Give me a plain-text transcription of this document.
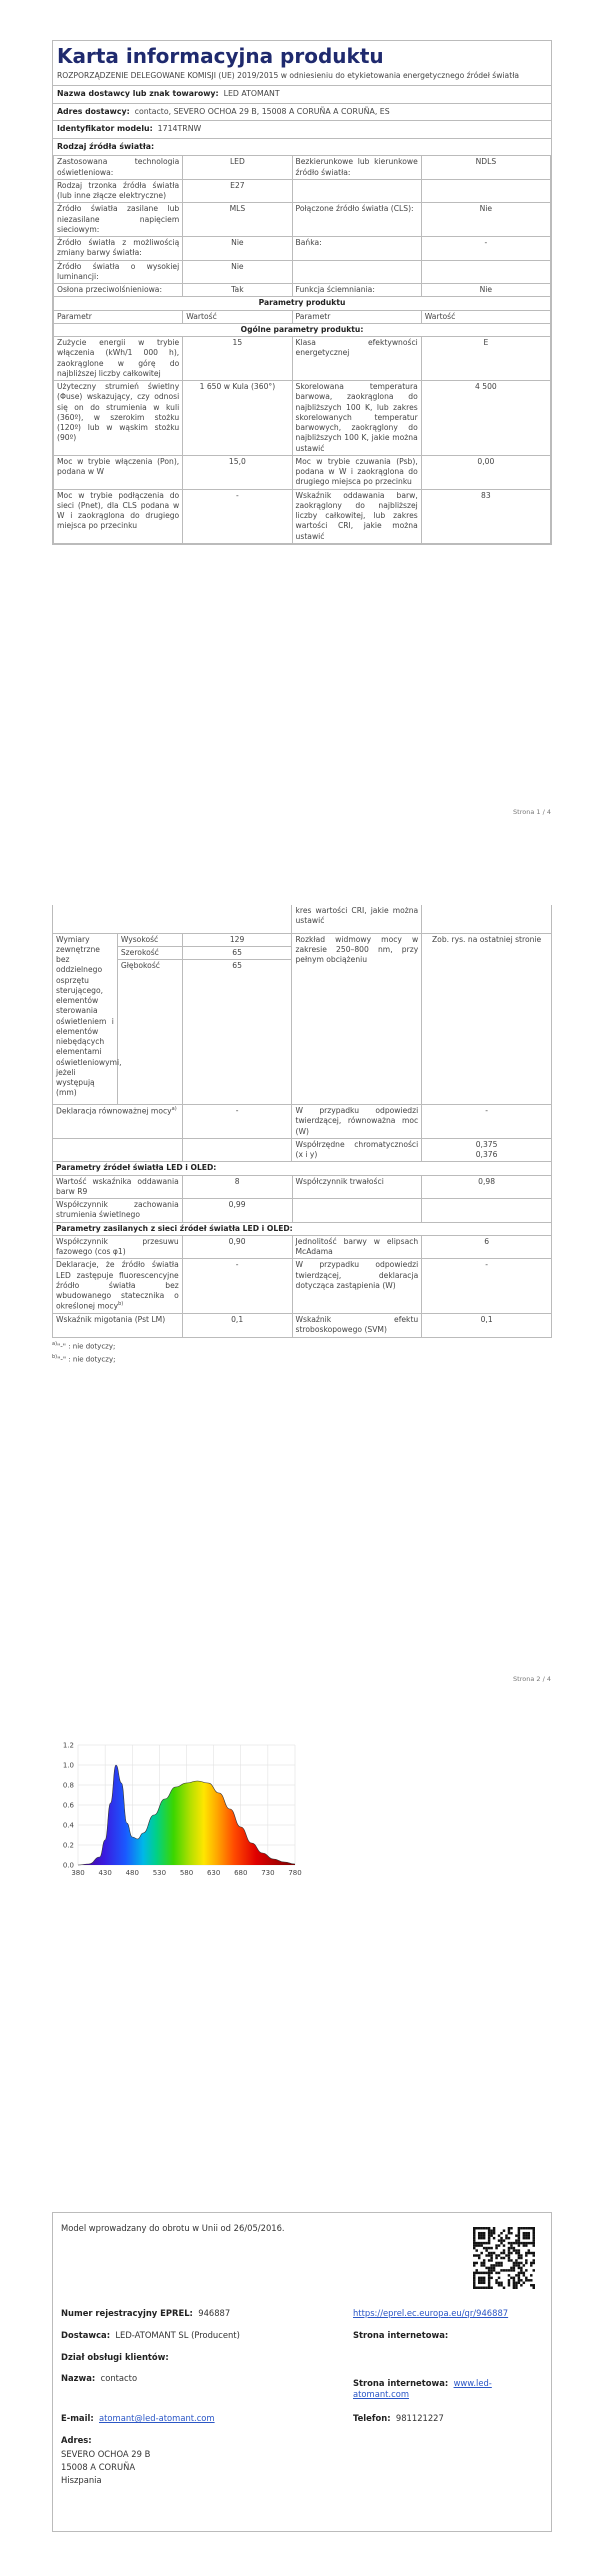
Karta informacyjna produktu
ROZPORZĄDZENIE DELEGOWANE KOMISJI (UE) 2019/2015 w odniesieniu do etykietowania energetycznego źródeł światła
Nazwa dostawcy lub znak towarowy: LED ATOMANT
Adres dostawcy: contacto, SEVERO OCHOA 29 B, 15008 A CORUÑA A CORUÑA, ES
Identyfikator modelu: 1714TRNW
Rodzaj źródła światła:
Zastosowana technologia oświetleniowa:	LED	Bezkierunkowe lub kierunkowe źródło światła:	NDLS
Rodzaj trzonka źródła światła (lub inne złącze elektryczne)	E27		
Źródło światła zasilane lub niezasilane napięciem sieciowym:	MLS	Połączone źródło światła (CLS):	Nie
Źródło światła z możliwością zmiany barwy światła:	Nie	Bańka:	-
Źródło światła o wysokiej luminancji:	Nie		
Osłona przeciwolśnieniowa:	Tak	Funkcja ściemniania:	Nie
Parametry produktu			
Parametr	Wartość	Parametr	Wartość
Ogólne parametry produktu:			
Zużycie energii w trybie włączenia (kWh/1 000 h), zaokrąglone w górę do najbliższej liczby całkowitej	15	Klasa efektywności energetycznej	E
Użyteczny strumień świetlny (Φuse) wskazujący, czy odnosi się on do strumienia w kuli (360º), w szerokim stożku (120º) lub w wąskim stożku (90º)	1 650 w Kula (360°)	Skorelowana temperatura barwowa, zaokrąglona do najbliższych 100 K, lub zakres skorelowanych temperatur barwowych, zaokrąglony do najbliższych 100 K, jakie można ustawić	4 500
Moc w trybie włączenia (Pon), podana w W	15,0	Moc w trybie czuwania (Psb), podana w W i zaokrąglona do drugiego miejsca po przecinku	0,00
Moc w trybie podłączenia do sieci (Pnet), dla CLS podana w W i zaokrąglona do drugiego miejsca po przecinku	-	Wskaźnik oddawania barw, zaokrąglony do najbliższej liczby całkowitej, lub zakres wartości CRI, jakie można ustawić	83
Strona 1 / 4
			kres wartości CRI, jakie można ustawić	
Wymiary zewnętrzne bez oddzielnego osprzętu sterującego, elementów sterowania oświetleniem i elementów niebędących elementami oświetleniowymi, jeżeli występują (mm)	Wysokość	129	Rozkład widmowy mocy w zakresie 250–800 nm, przy pełnym obciążeniu	Zob. rys. na ostatniej stronie
	Szerokość	65		
	Głębokość	65		
Deklaracja równoważnej mocy$^{a)}$		-	W przypadku odpowiedzi twierdzącej, równoważna moc (W)	-
			Współrzędne chromatyczności (x i y)	0,375
0,376
Parametry źródeł światła LED i OLED:			
Wartość wskaźnika oddawania barw R9	8	Współczynnik trwałości	0,98
Współczynnik zachowania strumienia świetlnego	0,99		
Parametry zasilanych z sieci źródeł światła LED i OLED:			
Współczynnik przesuwu fazowego (cos φ1)	0,90	Jednolitość barwy w elipsach McAdama	6
Deklaracje, że źródło światła LED zastępuje fluorescencyjne źródło światła bez wbudowanego statecznika o określonej mocy$^{b)}$	-	W przypadku odpowiedzi twierdzącej, deklaracja dotycząca zastąpienia (W)	-
Wskaźnik migotania (Pst LM)	0,1	Wskaźnik efektu stroboskopowego (SVM)	0,1
$^{a)}$"-" : nie dotyczy;
$^{b)}$"-" : nie dotyczy;
Strona 2 / 4
0.0
0.2
0.4
0.6
0.8
1.0
1.2
380 430 480 530 580 630 680 730 780
Model wprowadzany do obrotu w Unii od 26/05/2016.
Numer rejestracyjny EPREL: 946887	https://eprel.ec.europa.eu/qr/946887
Dostawca: LED-ATOMANT SL (Producent)	Strona internetowa:
Dział obsługi klientów:
Nazwa: contacto	Strona internetowa: www.led-atomant.com
E-mail: atomant@led-atomant.com	Telefon: 981121227
Adres:
SEVERO OCHOA 29 B
15008 A CORUÑA
Hiszpania
